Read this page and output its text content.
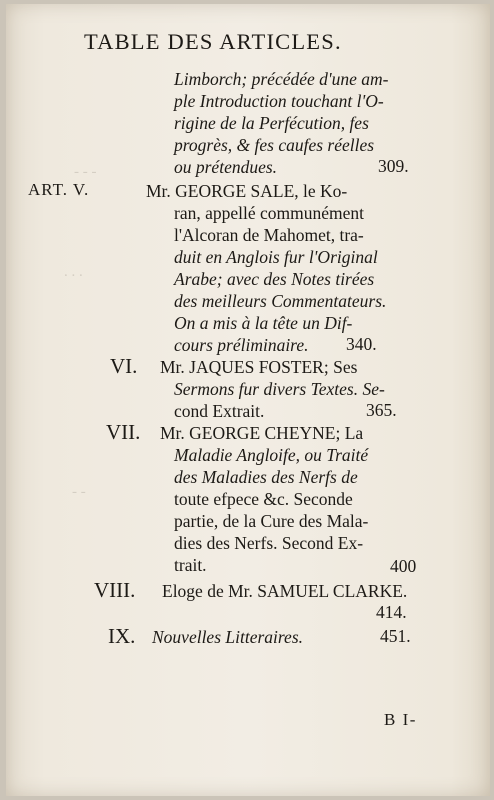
- - -
. . .
- -
TABLE DES ARTICLES.
Limborch; précédée d'une am-
ple Introduction touchant l'O-
rigine de la Perfécution, fes
progrès, & fes caufes réelles
ou prétendues.	309.
ART. V.	Mr. GEORGE SALE, le Ko-
ran, appellé communément
l'Alcoran de Mahomet, tra-
duit en Anglois fur l'Original
Arabe; avec des Notes tirées
des meilleurs Commentateurs.
On a mis à la tête un Dif-
cours préliminaire. 340.
VI. Mr. JAQUES FOSTER; Ses
Sermons fur divers Textes. Se-
cond Extrait.	365.
VII. Mr. GEORGE CHEYNE; La
Maladie Angloife, ou Traité
des Maladies des Nerfs de
toute efpece &c. Seconde
partie, de la Cure des Mala-
dies des Nerfs. Second Ex-
trait.	400
VIII. Eloge de Mr. SAMUEL CLARKE.
414.
IX. Nouvelles Litteraires.	451.
B I-
